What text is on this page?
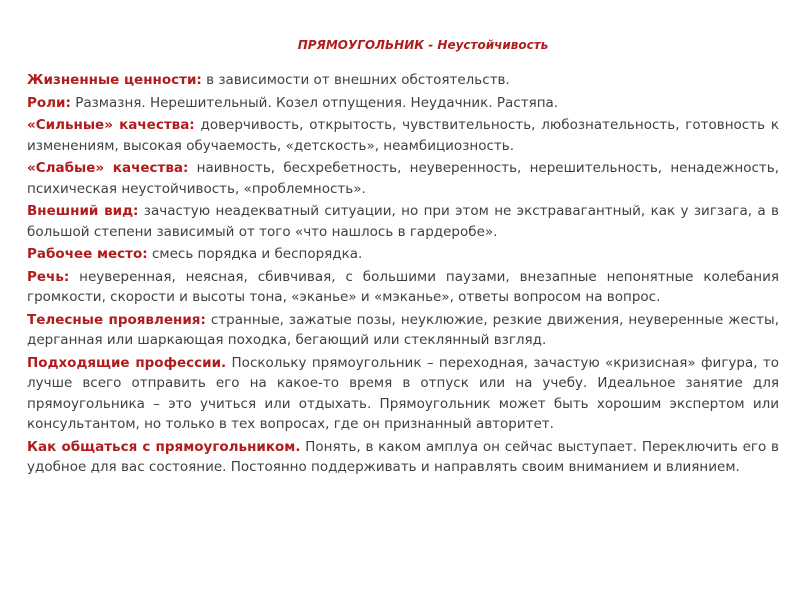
ПРЯМОУГОЛЬНИК - Неустойчивость
Жизненные ценности: в зависимости от внешних обстоятельств.
Роли: Размазня. Нерешительный. Козел отпущения. Неудачник. Растяпа.
«Сильные» качества: доверчивость, открытость, чувствительность, любознательность, готовность к изменениям, высокая обучаемость, «детскость», неамбициозность.
«Слабые» качества: наивность, бесхребетность, неуверенность, нерешительность, ненадежность, психическая неустойчивость, «проблемность».
Внешний вид: зачастую неадекватный ситуации, но при этом не экстравагантный, как у зигзага, а в большой степени зависимый от того «что нашлось в гардеробе».
Рабочее место: смесь порядка и беспорядка.
Речь: неуверенная, неясная, сбивчивая, с большими паузами, внезапные непонятные колебания громкости, скорости и высоты тона, «эканье» и «мэканье», ответы вопросом на вопрос.
Телесные проявления: странные, зажатые позы, неуклюжие, резкие движения, неуверенные жесты, дерганная или шаркающая походка, бегающий или стеклянный взгляд.
Подходящие профессии. Поскольку прямоугольник – переходная, зачастую «кризисная» фигура, то лучше всего отправить его на какое-то время в отпуск или на учебу. Идеальное занятие для прямоугольника – это учиться или отдыхать. Прямоугольник может быть хорошим экспертом или консультантом, но только в тех вопросах, где он признанный авторитет.
Как общаться с прямоугольником. Понять, в каком амплуа он сейчас выступает. Переключить его в удобное для вас состояние. Постоянно поддерживать и направлять своим вниманием и влиянием.
